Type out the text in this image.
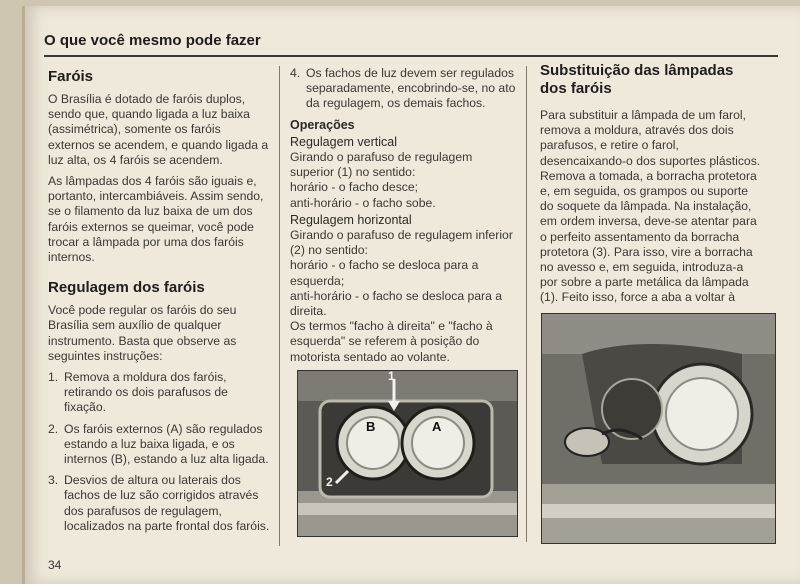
O que você mesmo pode fazer
Faróis

O Brasília é dotado de faróis duplos, sendo que, quando ligada a luz baixa (assimétrica), somente os faróis externos se acendem, e quando ligada a luz alta, os 4 faróis se acendem.

As lâmpadas dos 4 faróis são iguais e, portanto, intercambiáveis. Assim sendo, se o filamento da luz baixa de um dos faróis externos se queimar, você pode trocar a lâmpada por uma dos faróis internos.

Regulagem dos faróis

Você pode regular os faróis do seu Brasília sem auxílio de qualquer instrumento. Basta que observe as seguintes instruções:

1. Remova a moldura dos faróis, retirando os dois parafusos de fixação.
2. Os faróis externos (A) são regulados estando a luz baixa ligada, e os internos (B), estando a luz alta ligada.
3. Desvios de altura ou laterais dos fachos de luz são corrigidos através dos parafusos de regulagem, localizados na parte frontal dos faróis.
4. Os fachos de luz devem ser regulados separadamente, encobrindo-se, no ato da regulagem, os demais fachos.
Operações
Regulagem vertical
Girando o parafuso de regulagem superior (1) no sentido:
horário - o facho desce;
anti-horário - o facho sobe.
Regulagem horizontal
Girando o parafuso de regulagem inferior (2) no sentido:
horário - o facho se desloca para a esquerda;
anti-horário - o facho se desloca para a direita.
Os termos "facho à direita" e "facho à esquerda" se referem à posição do motorista sentado ao volante.
B	A
1
2
Substituição das lâmpadas dos faróis

Para substituir a lâmpada de um farol, remova a moldura, através dos dois parafusos, e retire o farol, desencaixando-o dos suportes plásticos. Remova a tomada, a borracha protetora e, em seguida, os grampos ou suporte do soquete da lâmpada. Na instalação, em ordem inversa, deve-se atentar para o perfeito assentamento da borracha protetora (3). Para isso, vire a borracha no avesso e, em seguida, introduza-a por sobre a parte metálica da lâmpada (1). Feito isso, force a aba a voltar à

34
